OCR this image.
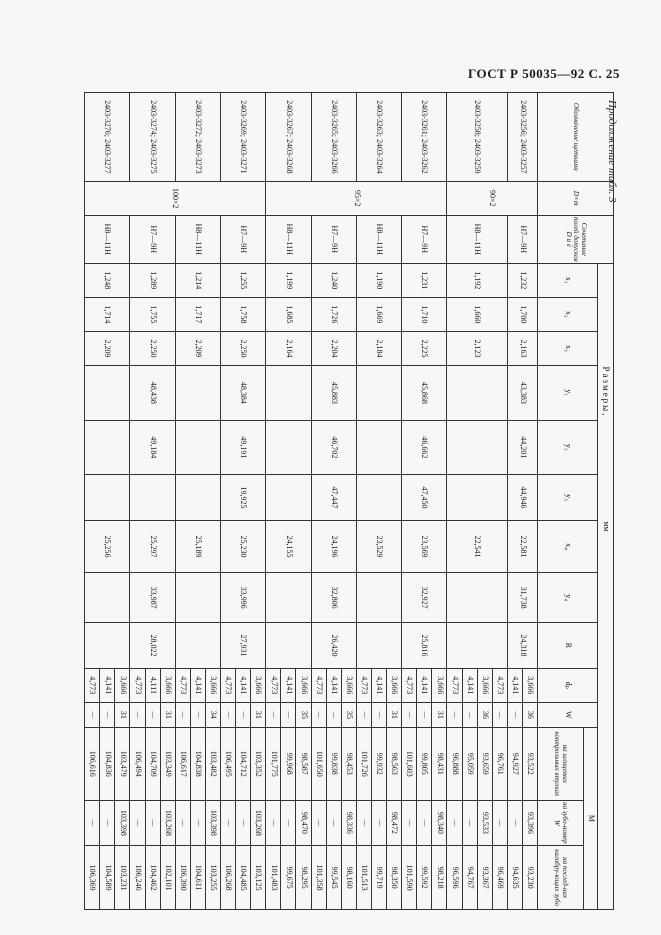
ГОСТ Р 50035—92 С. 25
Продолжение табл. 3
Обозначение щетками	D×m	Сочетание полей допусков D и e	Размеры,						мм							
			x₁	x₂	x₃	y₁	y₂	y₃	x₄	y₄	R	dₚ	W	M		
														на шлицевых контрольных втулках	на зубо-номер W	на послед-них калибру-ющих зубо
2403-3256; 2403-3257	90×2	H7—9H	1,232	1,700	2,163	43,383	44,201	44,946	22,581	31,738	24,318	3,666	36	93,522	93,396	93,230
												4,141	—	94,927	—	94,635
2403-3258; 2403-3259		H8—11H	1,192	1,660	2,123				22,541			4,773	—	96,761	—	96,469
												3,666	36	93,659	93,533	93,367
												4,141	—	95,059	—	94,767
												4,773	—	96,888	—	96,596
2403-3261; 2403-3262	95×2	H7—9H	1,231	1,710	2,225	45,868	46,662	47,450	23,569	32,927	25,816	3,666	31	98,431	98,340	98,218
												4,141	—	99,805	—	99,592
												4,773	—	101,603	—	101,590
2403-3263; 2403-3264		H8—11H	1,190	1,669	2,184				23,529			3,666	31	98,563	98,472	98,350
												4,141	—	99,932	—	99,719
												4,773	—	101,726	—	101,513
2403-3265; 2403-3266		H7—9H	1,240	1,726	2,204	45,883	46,702	47,447	24,196	32,806	26,420	3,666	35	98,453	98,336	98,160
												4,141	—	99,838	—	99,545
												4,773	—	101,650	—	101,358
2403-3267; 2403-3268		H8—11H	1,199	1,685	2,164				24,155			3,666	35	98,587	98,470	98,295
												4,141	—	99,968	—	99,675
												4,773	—	101,775	—	101,483
2403-3269; 2403-3271	100×2	H7—9H	1,255	1,758	2,250	48,384	49,191	19,925	25,230	33,996	27,931	3,666	31	103,352	103,268	103,125
												4,141	—	104,712	—	104,485
												4,773	—	106,495	—	106,268
2403-3272; 2403-3273		H8—11H	1,214	1,717	2,209				25,189			3,666	34	103,482	103,398	103,255
												4,141	—	104,838	—	104,611
												4,773	—	106,617	—	106,390
2403-3274; 2403-3275		H7—9H	1,289	1,755	2,250	48,438	49,184		25,297	33,987	28,022	3,666	31	103,349	103,268	102,101
												4,111	—	104,709	—	104,462
												4,773	—	106,494	—	106,246
2403-3276; 2403-3277		H8—11H	1,248	1,714	2,209				25,256			3,666	31	103,479	103,398	103,231
												4,141	—	104,836	—	104,589
												4,773	—	106,616	—	106,369
